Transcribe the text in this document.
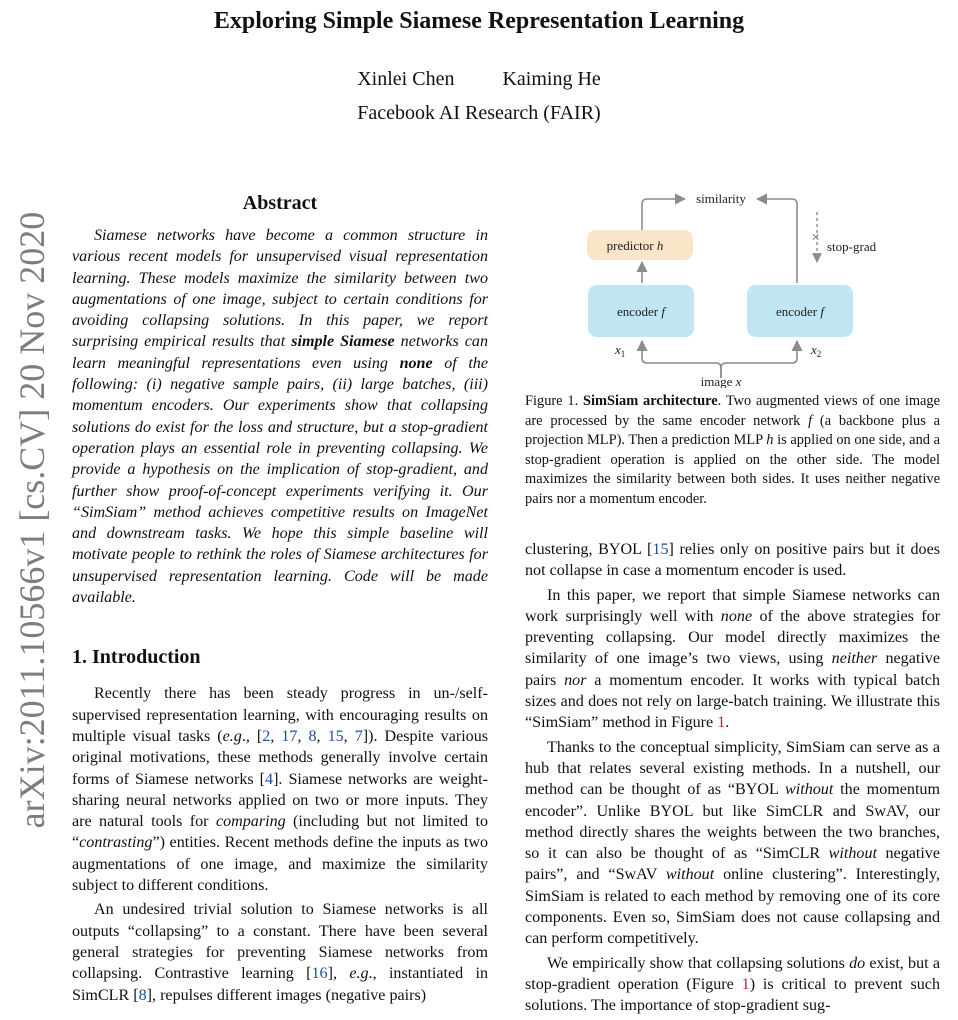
Exploring Simple Siamese Representation Learning
Xinlei Chen Kaiming He
Facebook AI Research (FAIR)
arXiv:2011.10566v1 [cs.CV] 20 Nov 2020
Abstract

Siamese networks have become a common structure in various recent models for unsupervised visual representation learning. These models maximize the similarity between two augmentations of one image, subject to certain conditions for avoiding collapsing solutions. In this paper, we report surprising empirical results that simple Siamese networks can learn meaningful representations even using none of the following: (i) negative sample pairs, (ii) large batches, (iii) momentum encoders. Our experiments show that collapsing solutions do exist for the loss and structure, but a stop-gradient operation plays an essential role in preventing collapsing. We provide a hypothesis on the implication of stop-gradient, and further show proof-of-concept experiments verifying it. Our “SimSiam” method achieves competitive results on ImageNet and downstream tasks. We hope this simple baseline will motivate people to rethink the roles of Siamese architectures for unsupervised representation learning. Code will be made available.

1. Introduction

Recently there has been steady progress in un-/self-supervised representation learning, with encouraging results on multiple visual tasks (e.g., [2, 17, 8, 15, 7]). Despite various original motivations, these methods generally involve certain forms of Siamese networks [4]. Siamese networks are weight-sharing neural networks applied on two or more inputs. They are natural tools for comparing (including but not limited to “contrasting”) entities. Recent methods define the inputs as two augmentations of one image, and maximize the similarity subject to different conditions.

An undesired trivial solution to Siamese networks is all outputs “collapsing” to a constant. There have been several general strategies for preventing Siamese networks from collapsing. Contrastive learning [16], e.g., instantiated in SimCLR [8], repulses different images (negative pairs)

similarity
✕
stop-grad
predictor h
encoder f	encoder f
$x_1$	$x_2$
image x

Figure 1. SimSiam architecture. Two augmented views of one image are processed by the same encoder network f (a backbone plus a projection MLP). Then a prediction MLP h is applied on one side, and a stop-gradient operation is applied on the other side. The model maximizes the similarity between both sides. It uses neither negative pairs nor a momentum encoder.

clustering, BYOL [15] relies only on positive pairs but it does not collapse in case a momentum encoder is used.

In this paper, we report that simple Siamese networks can work surprisingly well with none of the above strategies for preventing collapsing. Our model directly maximizes the similarity of one image’s two views, using neither negative pairs nor a momentum encoder. It works with typical batch sizes and does not rely on large-batch training. We illustrate this “SimSiam” method in Figure 1.

Thanks to the conceptual simplicity, SimSiam can serve as a hub that relates several existing methods. In a nutshell, our method can be thought of as “BYOL without the momentum encoder”. Unlike BYOL but like SimCLR and SwAV, our method directly shares the weights between the two branches, so it can also be thought of as “SimCLR without negative pairs”, and “SwAV without online clustering”. Interestingly, SimSiam is related to each method by removing one of its core components. Even so, SimSiam does not cause collapsing and can perform competitively.

We empirically show that collapsing solutions do exist, but a stop-gradient operation (Figure 1) is critical to prevent such solutions. The importance of stop-gradient sug-
